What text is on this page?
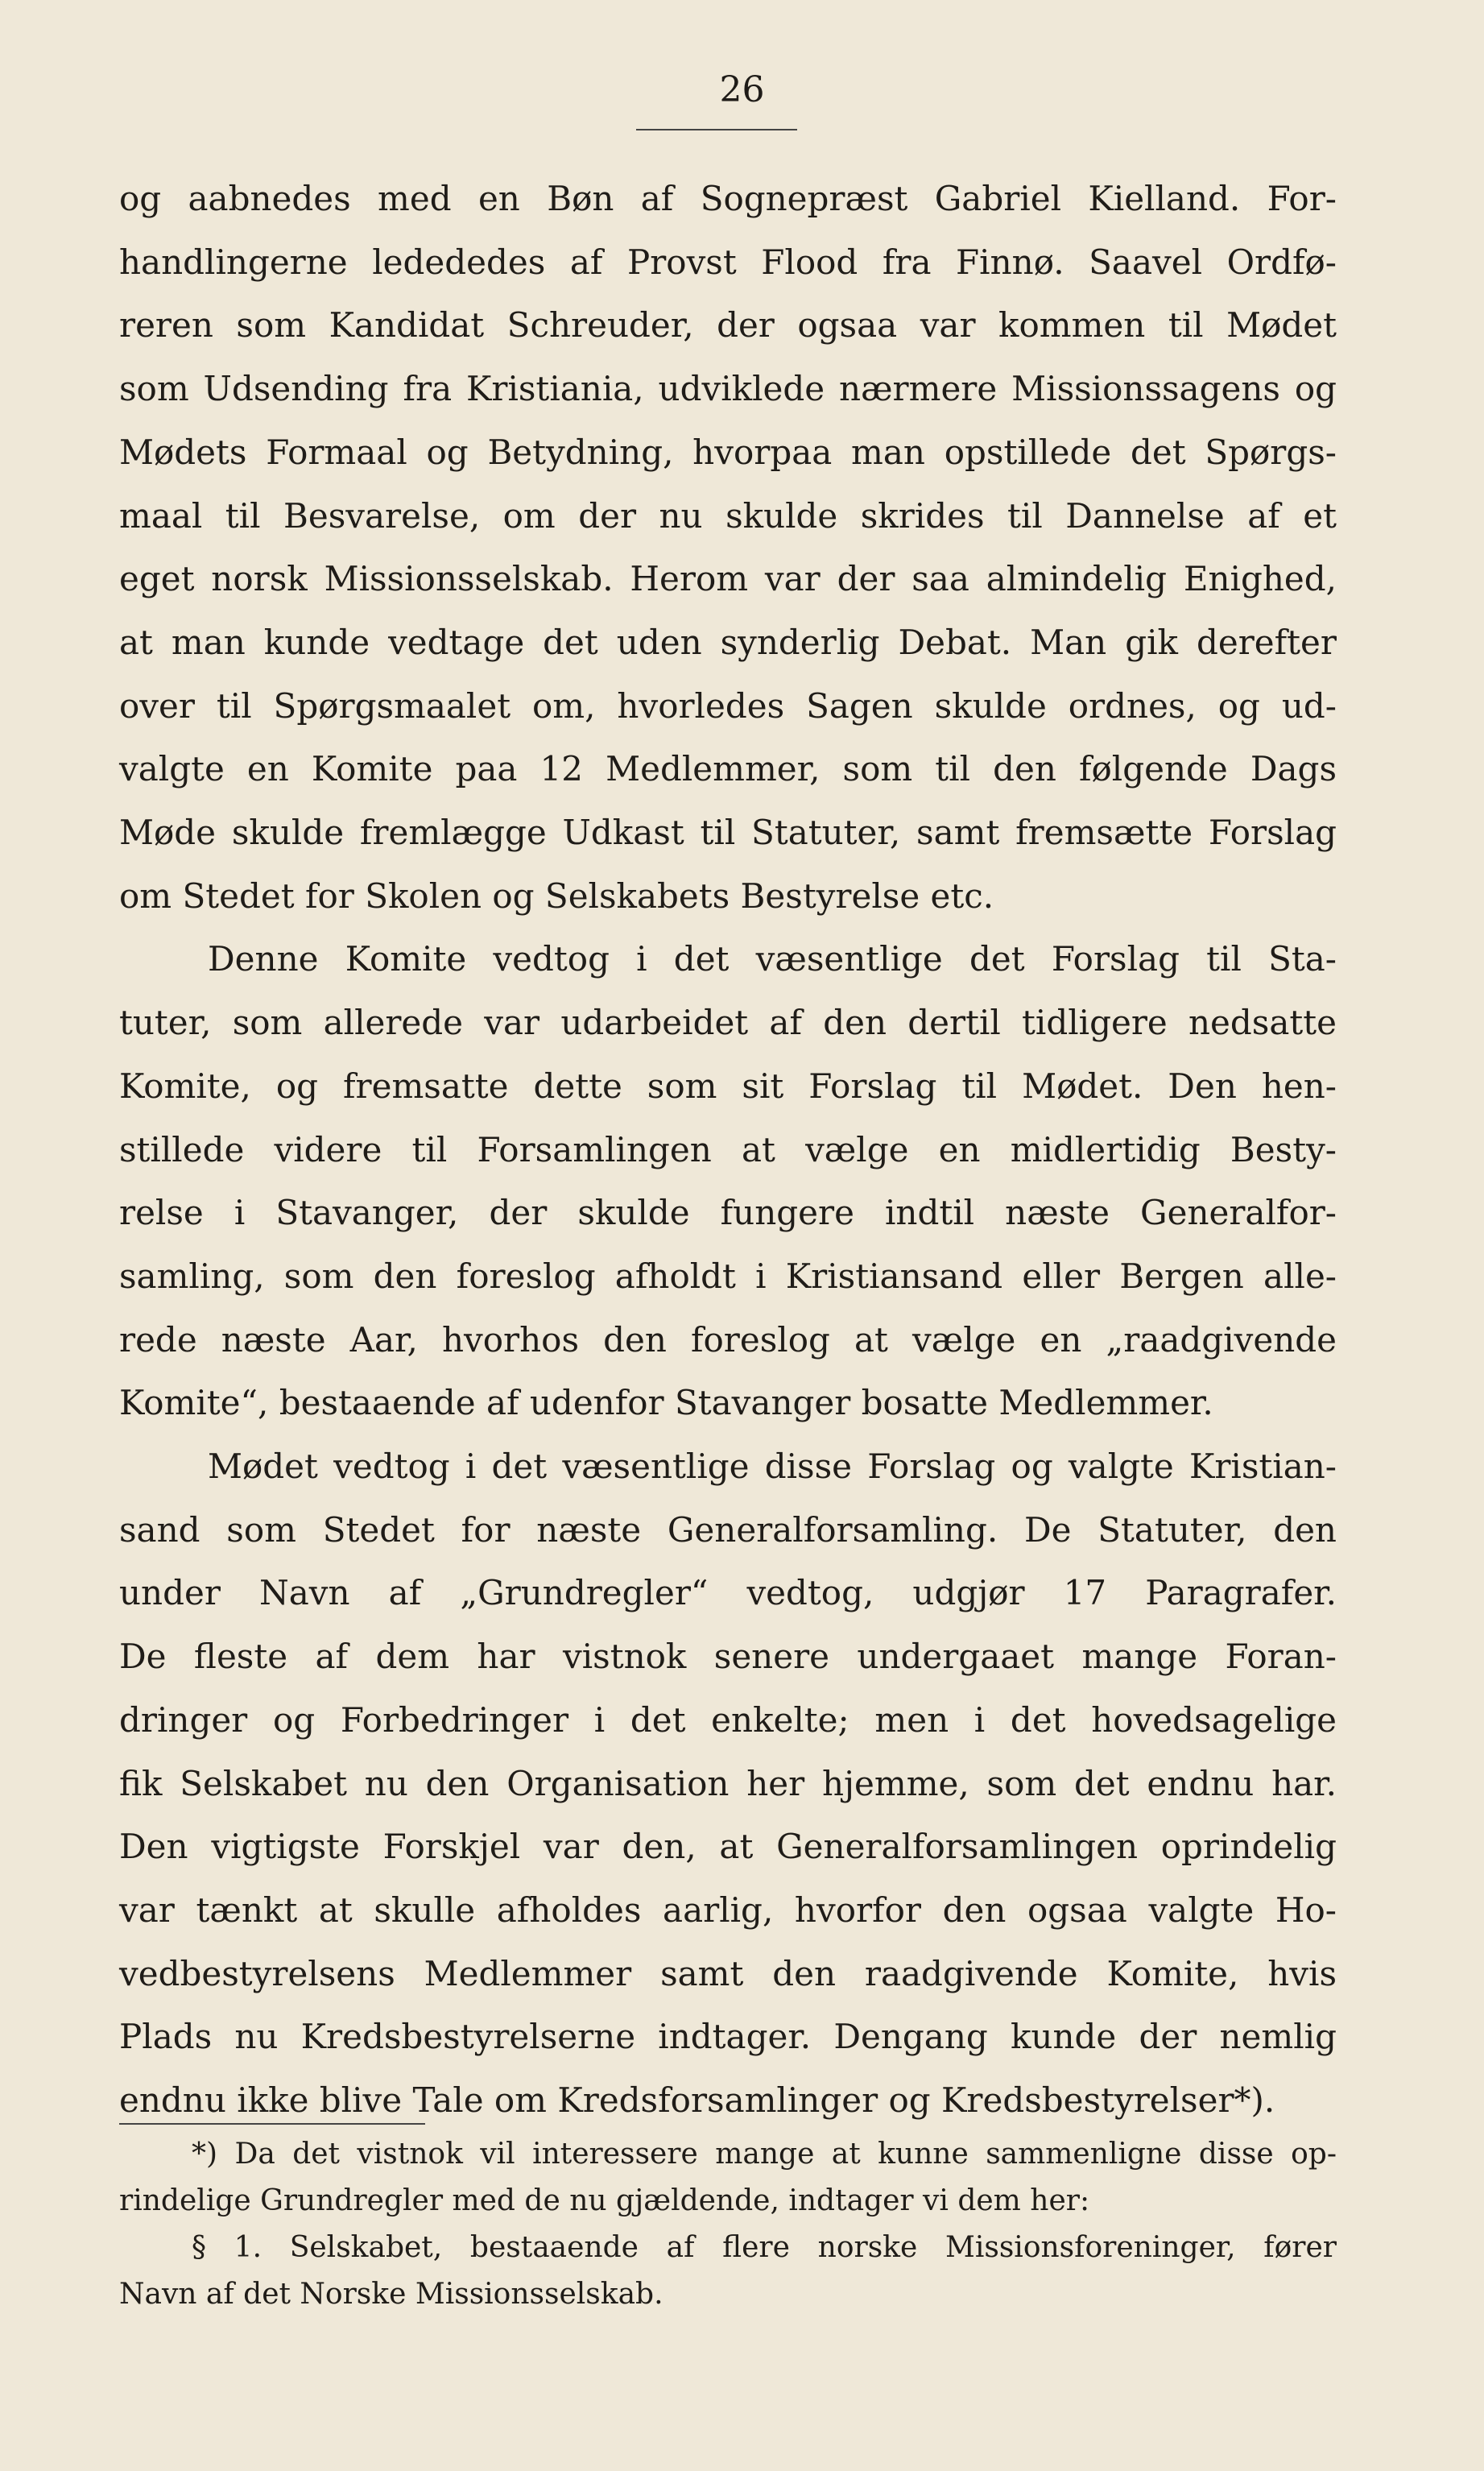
26
og aabnedes med en Bøn af Sognepræst Gabriel Kielland. For-
handlingerne ledededes af Provst Flood fra Finnø. Saavel Ordfø-
reren som Kandidat Schreuder, der ogsaa var kommen til Mødet
som Udsending fra Kristiania, udviklede nærmere Missionssagens og
Mødets Formaal og Betydning, hvorpaa man opstillede det Spørgs-
maal til Besvarelse, om der nu skulde skrides til Dannelse af et
eget norsk Missionsselskab. Herom var der saa almindelig Enighed,
at man kunde vedtage det uden synderlig Debat. Man gik derefter
over til Spørgsmaalet om, hvorledes Sagen skulde ordnes, og ud-
valgte en Komite paa 12 Medlemmer, som til den følgende Dags
Møde skulde fremlægge Udkast til Statuter, samt fremsætte Forslag
om Stedet for Skolen og Selskabets Bestyrelse etc.
Denne Komite vedtog i det væsentlige det Forslag til Sta-
tuter, som allerede var udarbeidet af den dertil tidligere nedsatte
Komite, og fremsatte dette som sit Forslag til Mødet. Den hen-
stillede videre til Forsamlingen at vælge en midlertidig Besty-
relse i Stavanger, der skulde fungere indtil næste Generalfor-
samling, som den foreslog afholdt i Kristiansand eller Bergen alle-
rede næste Aar, hvorhos den foreslog at vælge en „raadgivende
Komite“, bestaaende af udenfor Stavanger bosatte Medlemmer.
Mødet vedtog i det væsentlige disse Forslag og valgte Kristian-
sand som Stedet for næste Generalforsamling. De Statuter, den
under Navn af „Grundregler“ vedtog, udgjør 17 Paragrafer.
De fleste af dem har vistnok senere undergaaet mange Foran-
dringer og Forbedringer i det enkelte; men i det hovedsagelige
fik Selskabet nu den Organisation her hjemme, som det endnu har.
Den vigtigste Forskjel var den, at Generalforsamlingen oprindelig
var tænkt at skulle afholdes aarlig, hvorfor den ogsaa valgte Ho-
vedbestyrelsens Medlemmer samt den raadgivende Komite, hvis
Plads nu Kredsbestyrelserne indtager. Dengang kunde der nemlig
endnu ikke blive Tale om Kredsforsamlinger og Kredsbestyrelser*).
*) Da det vistnok vil interessere mange at kunne sammenligne disse op-
rindelige Grundregler med de nu gjældende, indtager vi dem her:
§ 1. Selskabet, bestaaende af flere norske Missionsforeninger, fører
Navn af det Norske Missionsselskab.
